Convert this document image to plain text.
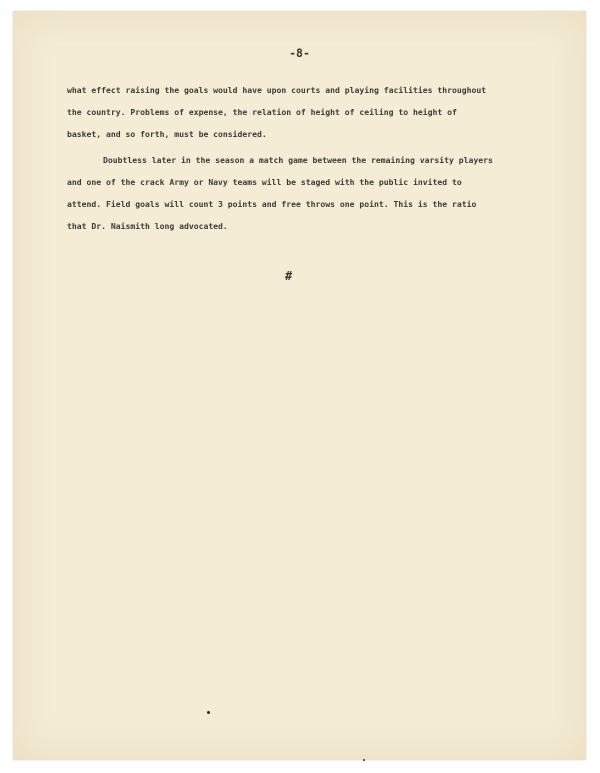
-8-
what effect raising the goals would have upon courts and playing facilities throughout
the country. Problems of expense, the relation of height of ceiling to height of
basket, and so forth, must be considered.
Doubtless later in the season a match game between the remaining varsity players
and one of the crack Army or Navy teams will be staged with the public invited to
attend. Field goals will count 3 points and free throws one point. This is the ratio
that Dr. Naismith long advocated.
#
